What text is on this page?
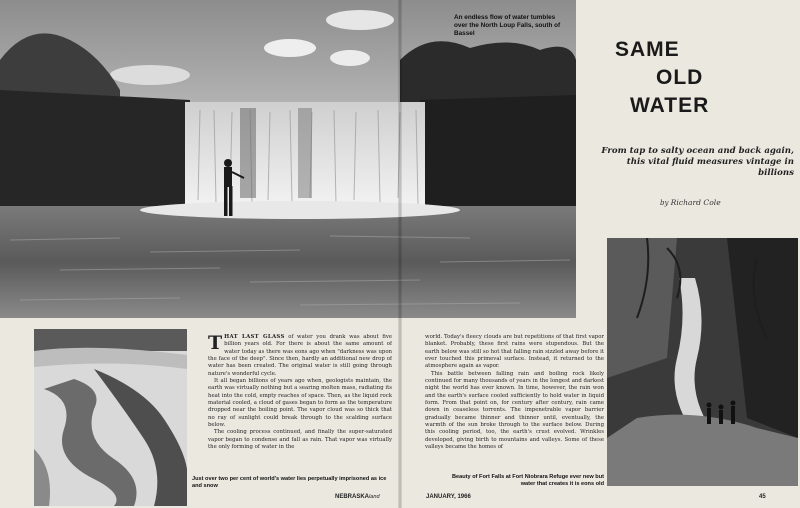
An endless flow of water tumbles over the North Loup Falls, south of Bassel
SAME
OLD
WATER
From tap to salty ocean and back again, this vital fluid measures vintage in billions
by Richard Cole
Just over two per cent of world's water lies perpetually imprisoned as ice and snow
Beauty of Fort Falls at Fort Niobrara Refuge ever new but water that creates it is eons old

THAT LAST GLASS of water you drank was about five billion years old. For there is about the same amount of water today as there was eons ago when "darkness was upon the face of the deep". Since then, hardly an additional new drop of water has been created. The original water is still going through nature's wonderful cycle.

It all began billions of years ago when, geologists maintain, the earth was virtually nothing but a searing molten mass, radiating its heat into the cold, empty reaches of space. Then, as the liquid rock material cooled, a cloud of gases began to form as the temperature dropped near the boiling point. The vapor cloud was so thick that no ray of sunlight could break through to the scalding surface below.

The cooling process continued, and finally the super-saturated vapor began to condense and fall as rain. That vapor was virtually the only forming of water in the

world. Today's fleecy clouds are but repetitions of that first vapor blanket. Probably, these first rains were stupendous. But the earth below was still so hot that falling rain sizzled away before it ever touched this primeval surface. Instead, it returned to the atmosphere again as vapor.

This battle between falling rain and boiling rock likely continued for many thousands of years in the longest and darkest night the world has ever known. In time, however, the rain won and the earth's surface cooled sufficiently to hold water in liquid form. From that point on, for century after century, rain came down in ceaseless torrents. The impenetrable vapor barrier gradually became thinner and thinner until, eventually, the warmth of the sun broke through to the surface below. During this cooling period, too, the earth's crust evolved. Wrinkles developed, giving birth to mountains and valleys. Some of these valleys became the homes of

NEBRASKAland	JANUARY, 1966	45
